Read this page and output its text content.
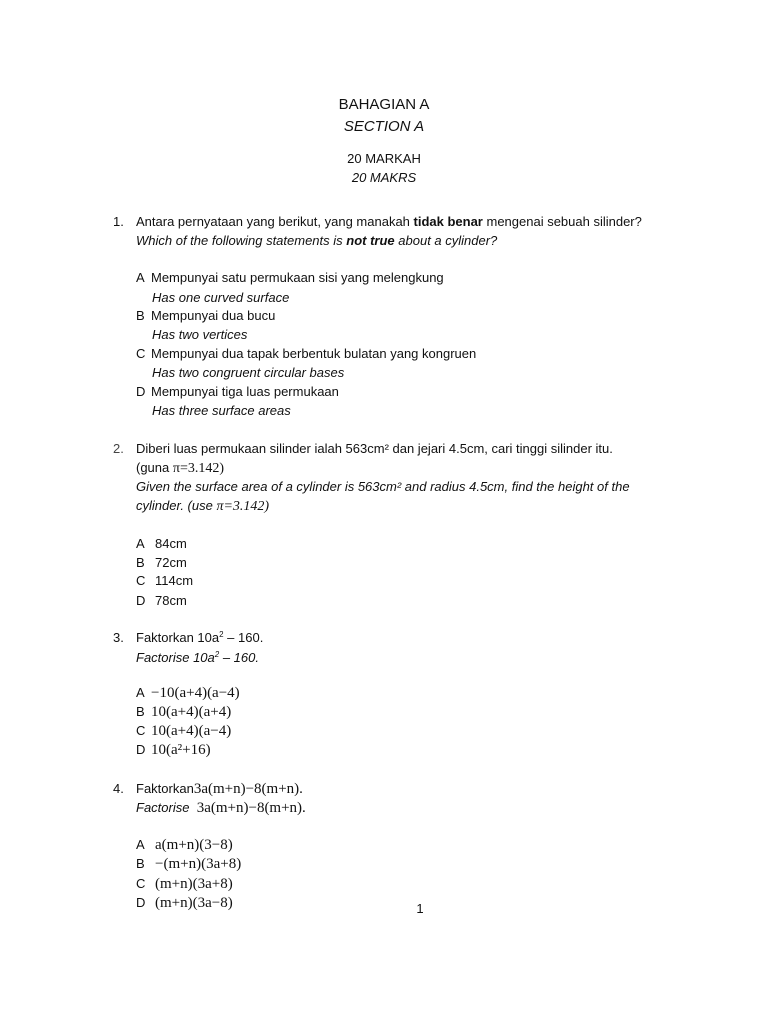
BAHAGIAN A
SECTION A
20 MARKAH
20 MAKRS
1. Antara pernyataan yang berikut, yang manakah tidak benar mengenai sebuah silinder?
Which of the following statements is not true about a cylinder?
A Mempunyai satu permukaan sisi yang melengkung
Has one curved surface
B Mempunyai dua bucu
Has two vertices
C Mempunyai dua tapak berbentuk bulatan yang kongruen
Has two congruent circular bases
D Mempunyai tiga luas permukaan
Has three surface areas
2. Diberi luas permukaan silinder ialah 563cm² dan jejari 4.5cm, cari tinggi silinder itu.
(guna π=3.142)
Given the surface area of a cylinder is 563cm² and radius 4.5cm, find the height of the
cylinder. (use π=3.142)
A 84cm
B 72cm
C 114cm
D 78cm
3. Faktorkan $10a^2 - 160$.
Factorise $10a^2 - 160$.
A −10(a+4)(a−4)
B 10(a+4)(a+4)
C 10(a+4)(a−4)
D 10(a²+16)
4. Faktorkan3a(m+n)−8(m+n).
Factorise 3a(m+n)−8(m+n).
A a(m+n)(3−8)
B −(m+n)(3a+8)
C (m+n)(3a+8)
D (m+n)(3a−8)	1
